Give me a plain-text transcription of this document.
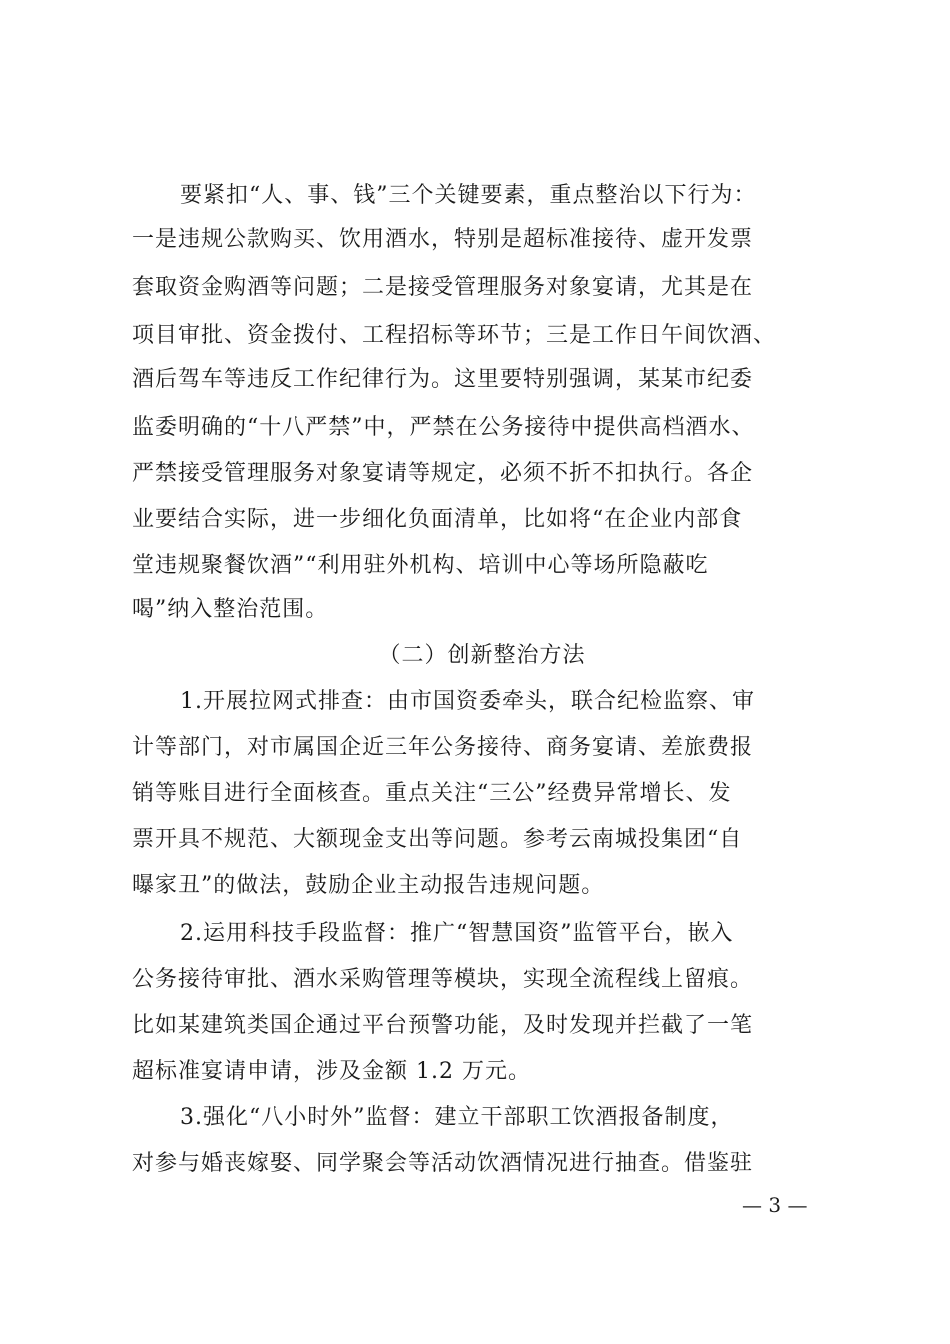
要紧扣“人、事、钱”三个关键要素，重点整治以下行为：
一是违规公款购买、饮用酒水，特别是超标准接待、虚开发票
套取资金购酒等问题；二是接受管理服务对象宴请，尤其是在
项目审批、资金拨付、工程招标等环节；三是工作日午间饮酒、
酒后驾车等违反工作纪律行为。这里要特别强调，某某市纪委
监委明确的“十八严禁”中，严禁在公务接待中提供高档酒水、
严禁接受管理服务对象宴请等规定，必须不折不扣执行。各企
业要结合实际，进一步细化负面清单，比如将“在企业内部食
堂违规聚餐饮酒”“利用驻外机构、培训中心等场所隐蔽吃
喝”纳入整治范围。
（二）创新整治方法
1.开展拉网式排查：由市国资委牵头，联合纪检监察、审
计等部门，对市属国企近三年公务接待、商务宴请、差旅费报
销等账目进行全面核查。重点关注“三公”经费异常增长、发
票开具不规范、大额现金支出等问题。参考云南城投集团“自
曝家丑”的做法，鼓励企业主动报告违规问题。
2.运用科技手段监督：推广“智慧国资”监管平台，嵌入
公务接待审批、酒水采购管理等模块，实现全流程线上留痕。
比如某建筑类国企通过平台预警功能，及时发现并拦截了一笔
超标准宴请申请，涉及金额 1.2 万元。
3.强化“八小时外”监督：建立干部职工饮酒报备制度，
对参与婚丧嫁娶、同学聚会等活动饮酒情况进行抽查。借鉴驻
— 3 —
